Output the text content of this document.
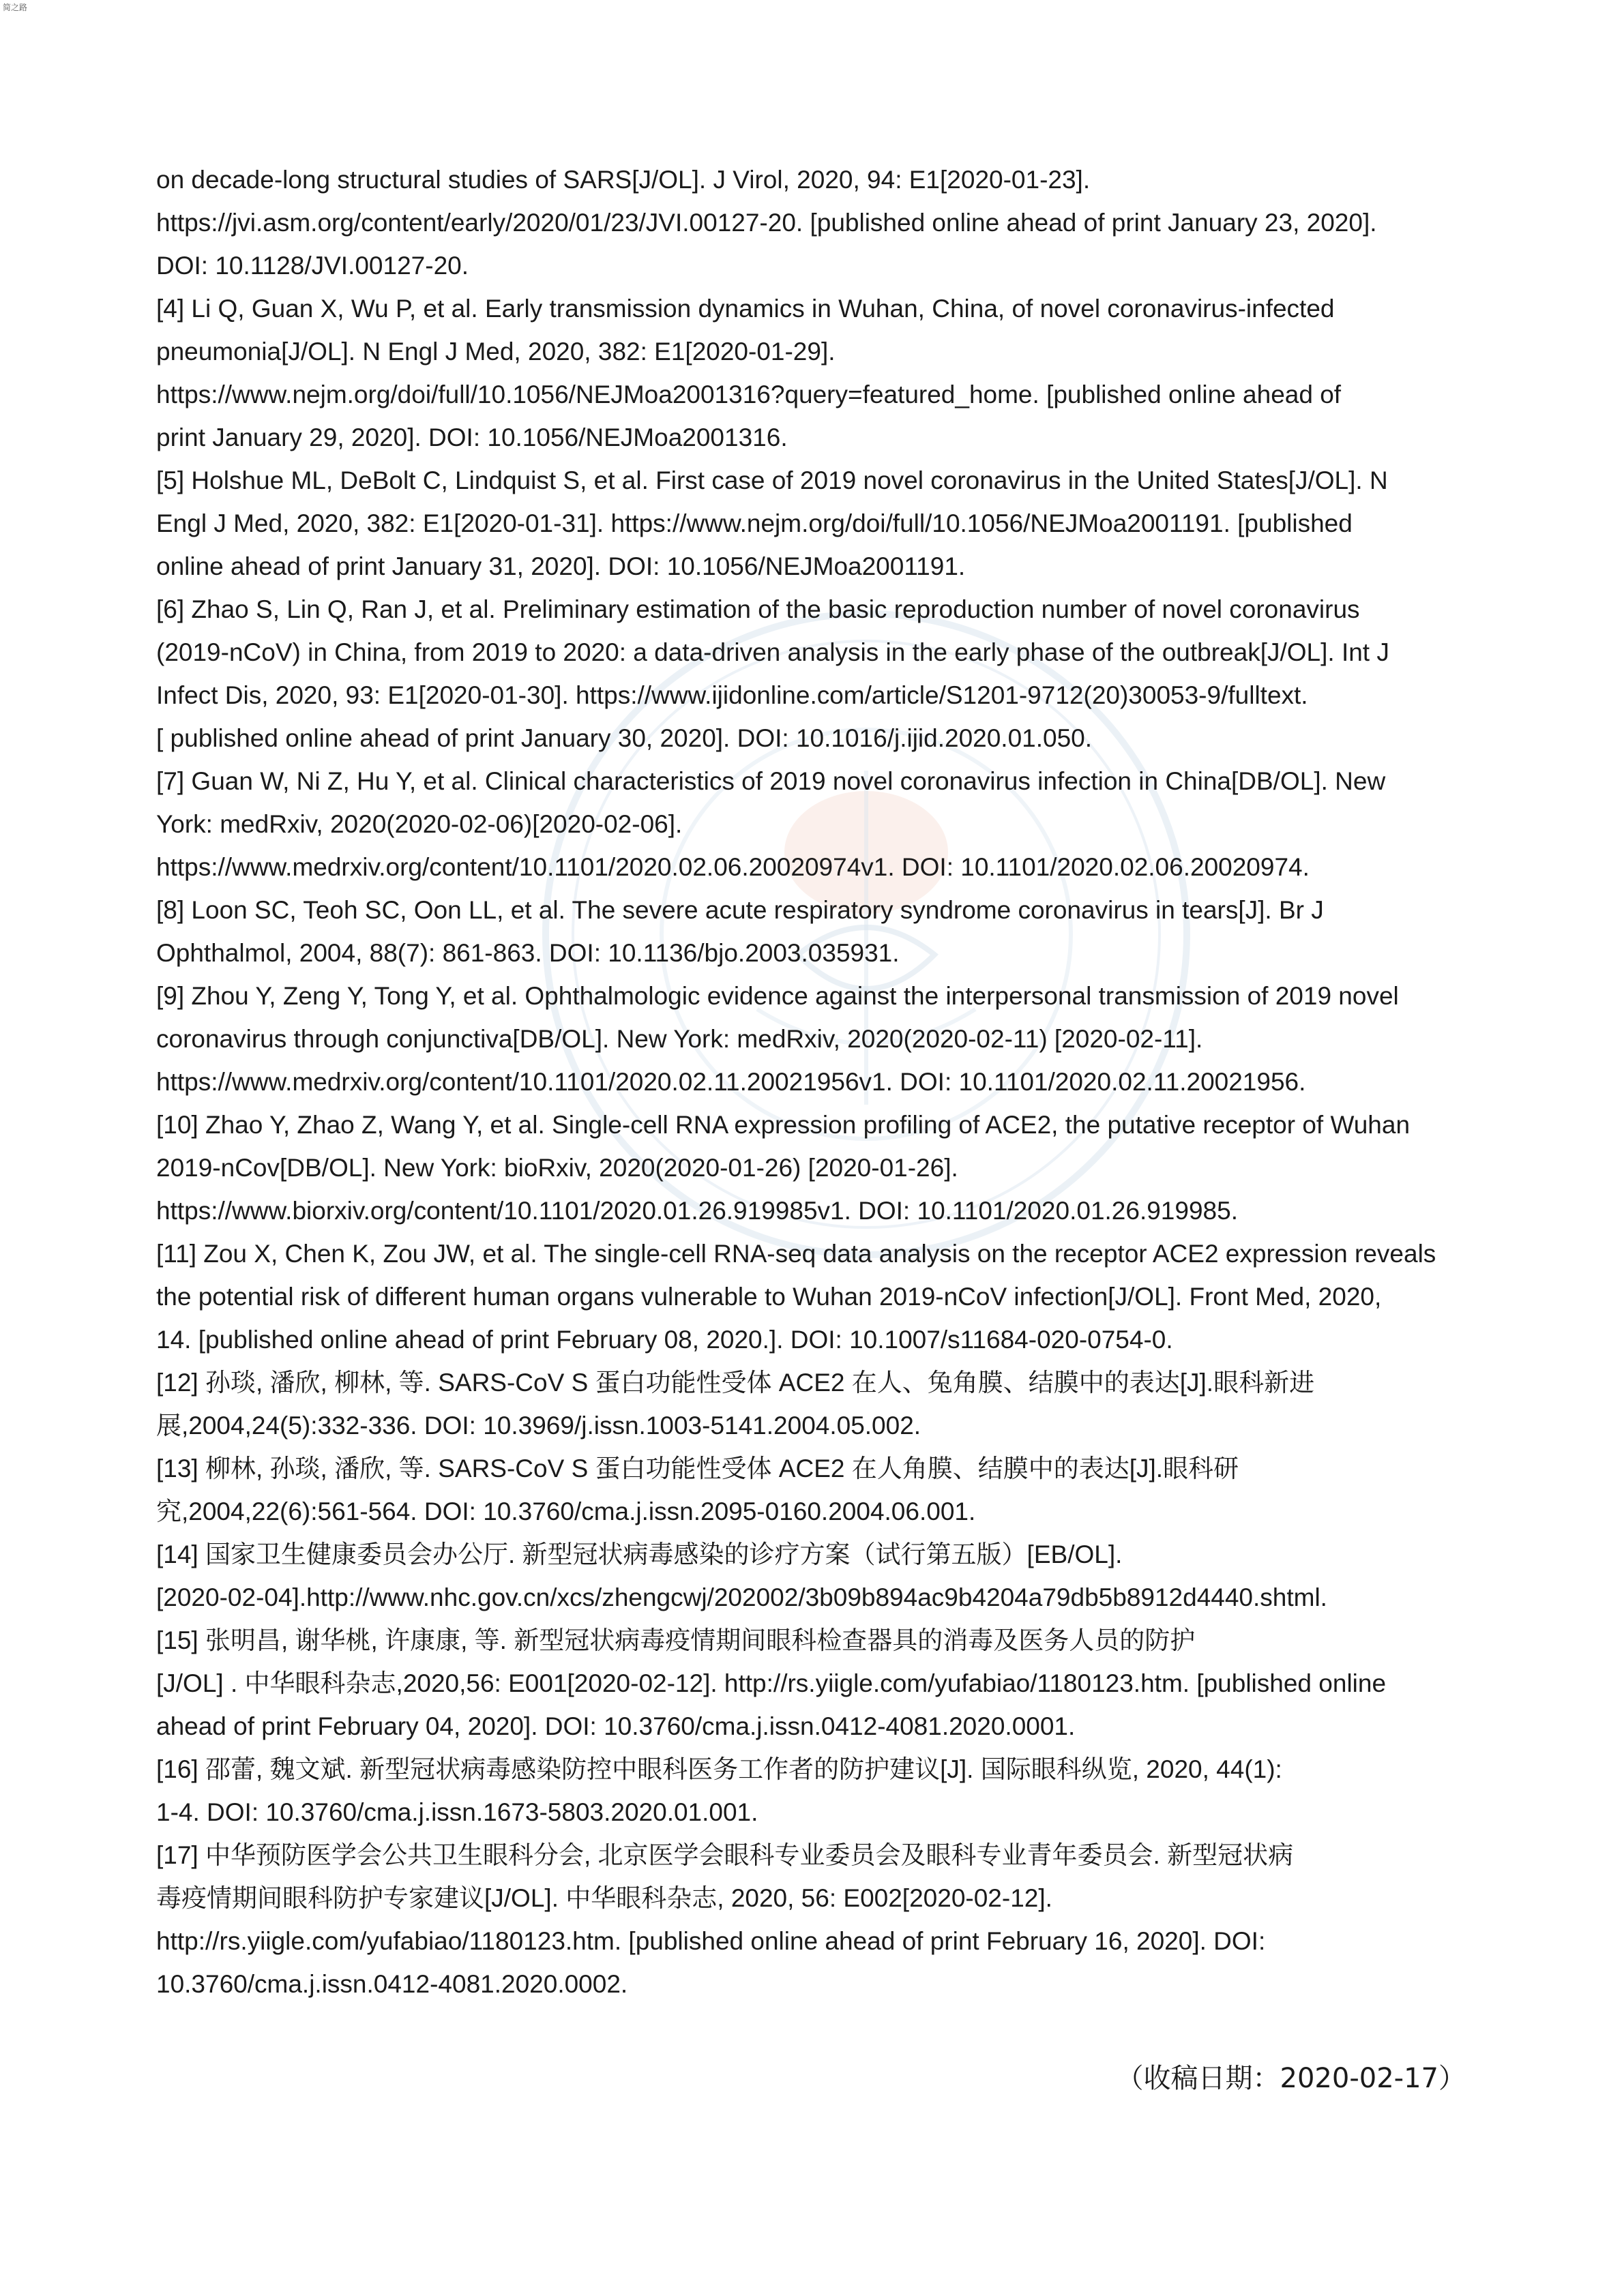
简之路
on decade-long structural studies of SARS[J/OL]. J Virol, 2020, 94: E1[2020-01-23].
https://jvi.asm.org/content/early/2020/01/23/JVI.00127-20. [published online ahead of print January 23, 2020].
DOI: 10.1128/JVI.00127-20.
[4] Li Q, Guan X, Wu P, et al. Early transmission dynamics in Wuhan, China, of novel coronavirus-infected
pneumonia[J/OL]. N Engl J Med, 2020, 382: E1[2020-01-29].
https://www.nejm.org/doi/full/10.1056/NEJMoa2001316?query=featured_home. [published online ahead of
print January 29, 2020]. DOI: 10.1056/NEJMoa2001316.
[5] Holshue ML, DeBolt C, Lindquist S, et al. First case of 2019 novel coronavirus in the United States[J/OL]. N
Engl J Med, 2020, 382: E1[2020-01-31]. https://www.nejm.org/doi/full/10.1056/NEJMoa2001191. [published
online ahead of print January 31, 2020]. DOI: 10.1056/NEJMoa2001191.
[6] Zhao S, Lin Q, Ran J, et al. Preliminary estimation of the basic reproduction number of novel coronavirus
(2019-nCoV) in China, from 2019 to 2020: a data-driven analysis in the early phase of the outbreak[J/OL]. Int J
Infect Dis, 2020, 93: E1[2020-01-30]. https://www.ijidonline.com/article/S1201-9712(20)30053-9/fulltext.
[ published online ahead of print January 30, 2020]. DOI: 10.1016/j.ijid.2020.01.050.
[7] Guan W, Ni Z, Hu Y, et al. Clinical characteristics of 2019 novel coronavirus infection in China[DB/OL]. New
York: medRxiv, 2020(2020-02-06)[2020-02-06].
https://www.medrxiv.org/content/10.1101/2020.02.06.20020974v1. DOI: 10.1101/2020.02.06.20020974.
[8] Loon SC, Teoh SC, Oon LL, et al. The severe acute respiratory syndrome coronavirus in tears[J]. Br J
Ophthalmol, 2004, 88(7): 861-863. DOI: 10.1136/bjo.2003.035931.
[9] Zhou Y, Zeng Y, Tong Y, et al. Ophthalmologic evidence against the interpersonal transmission of 2019 novel
coronavirus through conjunctiva[DB/OL]. New York: medRxiv, 2020(2020-02-11) [2020-02-11].
https://www.medrxiv.org/content/10.1101/2020.02.11.20021956v1. DOI: 10.1101/2020.02.11.20021956.
[10] Zhao Y, Zhao Z, Wang Y, et al. Single-cell RNA expression profiling of ACE2, the putative receptor of Wuhan
2019-nCov[DB/OL]. New York: bioRxiv, 2020(2020-01-26) [2020-01-26].
https://www.biorxiv.org/content/10.1101/2020.01.26.919985v1. DOI: 10.1101/2020.01.26.919985.
[11] Zou X, Chen K, Zou JW, et al. The single-cell RNA-seq data analysis on the receptor ACE2 expression reveals
the potential risk of different human organs vulnerable to Wuhan 2019-nCoV infection[J/OL]. Front Med, 2020,
14. [published online ahead of print February 08, 2020.]. DOI: 10.1007/s11684-020-0754-0.
[12] 孙琰, 潘欣, 柳林, 等. SARS-CoV S 蛋白功能性受体 ACE2 在人、兔角膜、结膜中的表达[J].眼科新进
展,2004,24(5):332-336. DOI: 10.3969/j.issn.1003-5141.2004.05.002.
[13] 柳林, 孙琰, 潘欣, 等. SARS-CoV S 蛋白功能性受体 ACE2 在人角膜、结膜中的表达[J].眼科研
究,2004,22(6):561-564. DOI: 10.3760/cma.j.issn.2095-0160.2004.06.001.
[14] 国家卫生健康委员会办公厅. 新型冠状病毒感染的诊疗方案（试行第五版）[EB/OL].
[2020-02-04].http://www.nhc.gov.cn/xcs/zhengcwj/202002/3b09b894ac9b4204a79db5b8912d4440.shtml.
[15] 张明昌, 谢华桃, 许康康, 等. 新型冠状病毒疫情期间眼科检查器具的消毒及医务人员的防护
[J/OL] . 中华眼科杂志,2020,56: E001[2020-02-12]. http://rs.yiigle.com/yufabiao/1180123.htm. [published online
ahead of print February 04, 2020]. DOI: 10.3760/cma.j.issn.0412-4081.2020.0001.
[16] 邵蕾, 魏文斌. 新型冠状病毒感染防控中眼科医务工作者的防护建议[J]. 国际眼科纵览, 2020, 44(1):
1-4. DOI: 10.3760/cma.j.issn.1673-5803.2020.01.001.
[17] 中华预防医学会公共卫生眼科分会, 北京医学会眼科专业委员会及眼科专业青年委员会. 新型冠状病
毒疫情期间眼科防护专家建议[J/OL]. 中华眼科杂志, 2020, 56: E002[2020-02-12].
http://rs.yiigle.com/yufabiao/1180123.htm. [published online ahead of print February 16, 2020]. DOI:
10.3760/cma.j.issn.0412-4081.2020.0002.
（收稿日期：2020-02-17）
